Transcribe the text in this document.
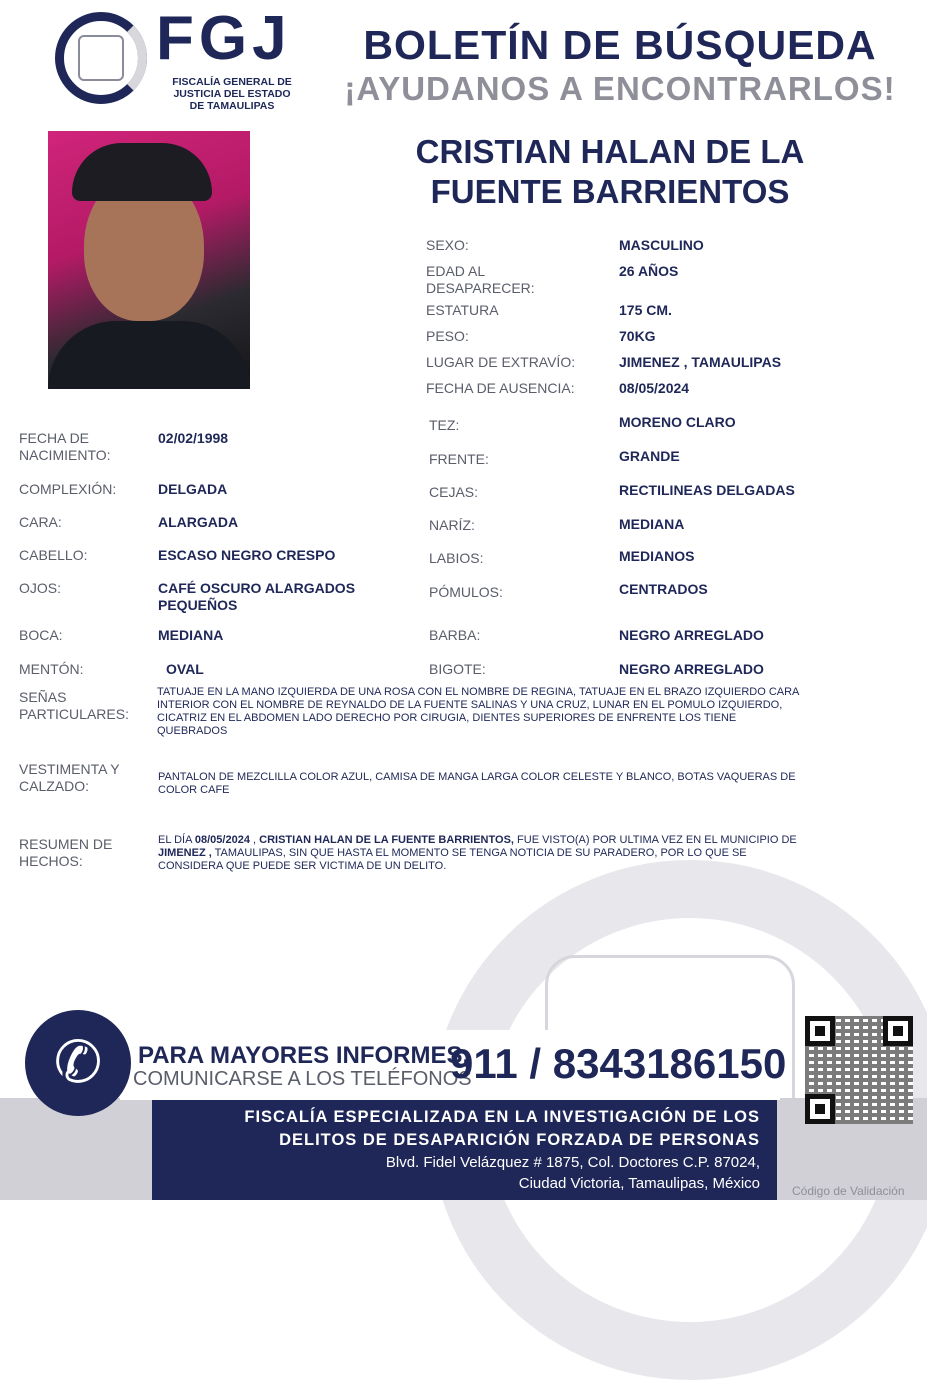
FGJ
FISCALÍA GENERAL DE
JUSTICIA DEL ESTADO
DE TAMAULIPAS
BOLETÍN DE BÚSQUEDA
¡AYUDANOS A ENCONTRARLOS!
CRISTIAN HALAN DE LA
FUENTE BARRIENTOS
SEXO:	MASCULINO
EDAD AL
DESAPARECER:
26 AÑOS
ESTATURA	175 CM.
PESO:	70KG
LUGAR DE EXTRAVÍO:	JIMENEZ , TAMAULIPAS
FECHA DE AUSENCIA:	08/05/2024
FECHA DE
NACIMIENTO:
02/02/1998
COMPLEXIÓN:	DELGADA
CARA:	ALARGADA
CABELLO:	ESCASO NEGRO CRESPO
OJOS:	CAFÉ OSCURO ALARGADOS
PEQUEÑOS
BOCA:	MEDIANA
MENTÓN:	OVAL
TEZ:	MORENO CLARO
FRENTE:	GRANDE
CEJAS:	RECTILINEAS DELGADAS
NARÍZ:	MEDIANA
LABIOS:	MEDIANOS
PÓMULOS:	CENTRADOS
BARBA:	NEGRO ARREGLADO
BIGOTE:	NEGRO ARREGLADO
SEÑAS
PARTICULARES:
TATUAJE EN LA MANO IZQUIERDA DE UNA ROSA CON EL NOMBRE DE REGINA, TATUAJE EN EL BRAZO IZQUIERDO CARA
INTERIOR CON EL NOMBRE DE REYNALDO DE LA FUENTE SALINAS Y UNA CRUZ, LUNAR EN EL POMULO IZQUIERDO,
CICATRIZ EN EL ABDOMEN LADO DERECHO POR CIRUGIA, DIENTES SUPERIORES DE ENFRENTE LOS TIENE
QUEBRADOS
VESTIMENTA Y
CALZADO:
PANTALON DE MEZCLILLA COLOR AZUL, CAMISA DE MANGA LARGA COLOR CELESTE Y BLANCO, BOTAS VAQUERAS DE
COLOR CAFE
RESUMEN DE
HECHOS:
EL DÍA 08/05/2024 , CRISTIAN HALAN DE LA FUENTE BARRIENTOS, FUE VISTO(A) POR ULTIMA VEZ EN EL MUNICIPIO DE
JIMENEZ , TAMAULIPAS, SIN QUE HASTA EL MOMENTO SE TENGA NOTICIA DE SU PARADERO, POR LO QUE SE
CONSIDERA QUE PUEDE SER VICTIMA DE UN DELITO.
✆	PARA MAYORES INFORMES,
COMUNICARSE A LOS TELÉFONOS
911 / 8343186150
FISCALÍA ESPECIALIZADA EN LA INVESTIGACIÓN DE LOS
DELITOS DE DESAPARICIÓN FORZADA DE PERSONAS
Blvd. Fidel Velázquez # 1875, Col. Doctores C.P. 87024,
Ciudad Victoria, Tamaulipas, México	Código de Validación
